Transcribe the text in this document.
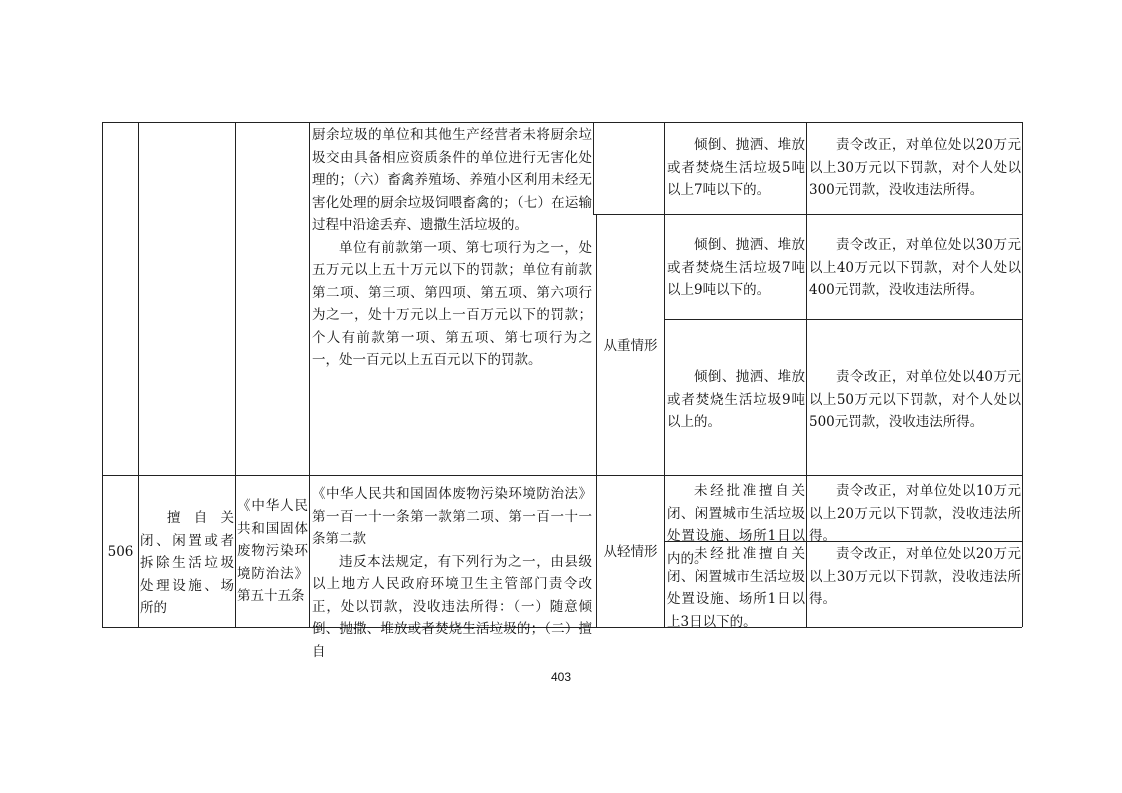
厨余垃圾的单位和其他生产经营者未将厨余垃圾交由具备相应资质条件的单位进行无害化处理的；（六）畜禽养殖场、养殖小区利用未经无害化处理的厨余垃圾饲喂畜禽的；（七）在运输过程中沿途丢弃、遗撒生活垃圾的。

单位有前款第一项、第七项行为之一，处五万元以上五十万元以下的罚款；单位有前款第二项、第三项、第四项、第五项、第六项行为之一，处十万元以上一百万元以下的罚款；个人有前款第一项、第五项、第七项行为之一，处一百元以上五百元以下的罚款。

从重情形
倾倒、抛洒、堆放或者焚烧生活垃圾5吨以上7吨以下的。
责令改正，对单位处以20万元以上30万元以下罚款，对个人处以300元罚款，没收违法所得。
倾倒、抛洒、堆放或者焚烧生活垃圾7吨以上9吨以下的。
责令改正，对单位处以30万元以上40万元以下罚款，对个人处以400元罚款，没收违法所得。
倾倒、抛洒、堆放或者焚烧生活垃圾9吨以上的。
责令改正，对单位处以40万元以上50万元以下罚款，对个人处以500元罚款，没收违法所得。
506
擅自关闭、闲置或者拆除生活垃圾处理设施、场所的
《中华人民共和国固体废物污染环境防治法》第五十五条

《中华人民共和国固体废物污染环境防治法》第一百一十一条第一款第二项、第一百一十一条第二款

违反本法规定，有下列行为之一，由县级以上地方人民政府环境卫生主管部门责令改正，处以罚款，没收违法所得：（一）随意倾倒、抛撒、堆放或者焚烧生活垃圾的；（二）擅自

从轻情形
未经批准擅自关闭、闲置城市生活垃圾处置设施、场所1日以内的。
责令改正，对单位处以10万元以上20万元以下罚款，没收违法所得。
未经批准擅自关闭、闲置城市生活垃圾处置设施、场所1日以上3日以下的。
责令改正，对单位处以20万元以上30万元以下罚款，没收违法所得。
403
